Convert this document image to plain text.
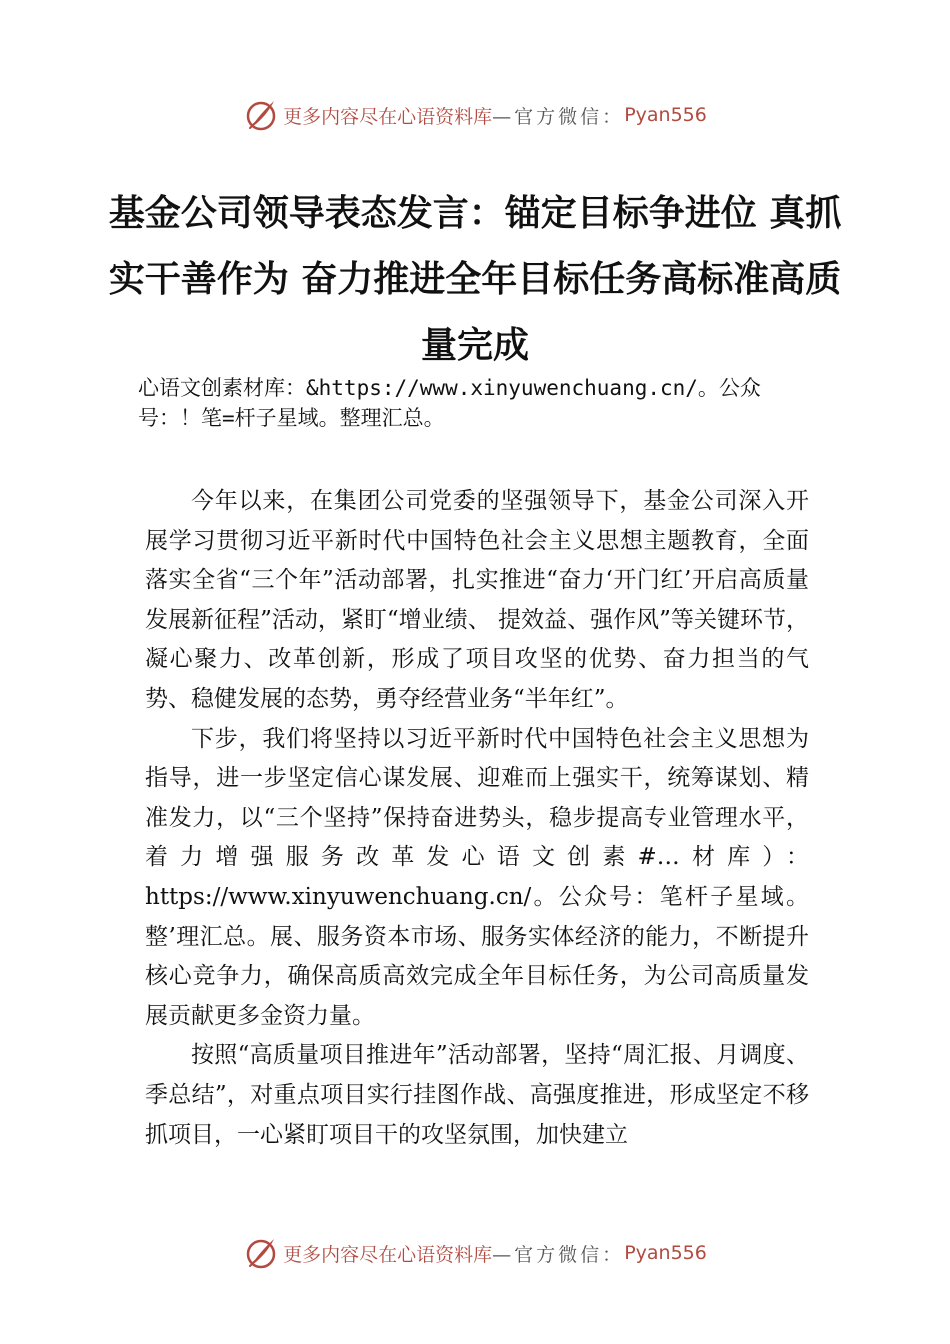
更多内容尽在心语资料库 —官方微信： Pyan556
基金公司领导表态发言：锚定目标争进位 真抓实干善作为 奋力推进全年目标任务高标准高质量完成
心语文创素材库：&https://www.xinyuwenchuang.cn/。公众号：！笔=杆子星域。整理汇总。

今年以来，在集团公司党委的坚强领导下，基金公司深入开展学习贯彻习近平新时代中国特色社会主义思想主题教育，全面落实全省“三个年”活动部署，扎实推进“奋力‘开门红’开启高质量发展新征程”活动，紧盯“增业绩、 提效益、强作风”等关键环节，凝心聚力、改革创新，形成了项目攻坚的优势、奋力担当的气势、稳健发展的态势，勇夺经营业务“半年红”。

下步，我们将坚持以习近平新时代中国特色社会主义思想为指导，进一步坚定信心谋发展、迎难而上强实干，统筹谋划、精准发力，以“三个坚持”保持奋进势头，稳步提高专业管理水平，着力增强服务改革发心语文创素#…材库）：https://www.xinyuwenchuang.cn/。公众号：笔杆子星域。整’理汇总。展、服务资本市场、服务实体经济的能力，不断提升核心竞争力，确保高质高效完成全年目标任务，为公司高质量发展贡献更多金资力量。

按照“高质量项目推进年”活动部署，坚持“周汇报、月调度、季总结”，对重点项目实行挂图作战、高强度推进，形成坚定不移抓项目，一心紧盯项目干的攻坚氛围，加快建立

更多内容尽在心语资料库 —官方微信： Pyan556
